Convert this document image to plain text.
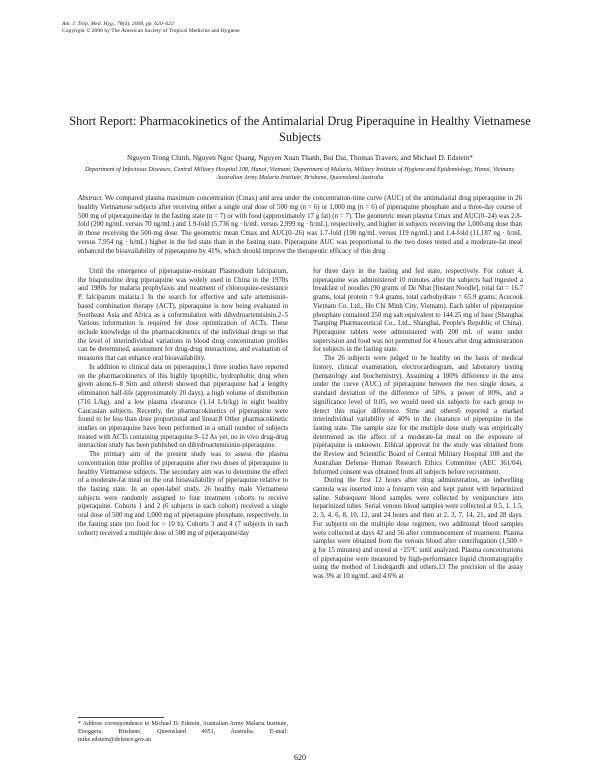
Am. J. Trop. Med. Hyg., 78(4), 2008, pp. 620–623
Copyright © 2008 by The American Society of Tropical Medicine and Hygiene
Short Report: Pharmacokinetics of the Antimalarial Drug Piperaquine in Healthy Vietnamese Subjects
Nguyen Trong Chinh, Nguyen Ngoc Quang, Nguyen Xuan Thanh, Bui Dai, Thomas Travers, and Michael D. Edstein*
Department of Infectious Diseases, Central Military Hospital 108, Hanoi, Vietnam; Department of Malaria, Military Institute of Hygiene and Epidemiology, Hanoi, Vietnam; Australian Army Malaria Institute, Brisbane, Queensland Australia
Abstract. We compared plasma maximum concentration (Cmax) and area under the concentration-time curve (AUC) of the antimalarial drug piperaquine in 26 healthy Vietnamese subjects after receiving either a single oral dose of 500 mg (n = 6) or 1,000 mg (n = 6) of piperaquine phosphate and a three-day course of 500 mg of piperaquine/day in the fasting state (n = 7) or with food (approximately 17 g fat) (n = 7). The geometric mean plasma Cmax and AUC(0–24) was 2.8-fold (200 ng/mL versus 70 ng/mL) and 1.9-fold (5,736 ng · h/mL versus 2,999 ng · h/mL), respectively, and higher in subjects receiving the 1,000-mg dose than in those receiving the 500-mg dose. The geometric mean Cmax and AUC(0–26) was 1.7-fold (198 ng/mL versus 119 ng/mL) and 1.4-fold (11,187 ng · h/mL versus 7,954 ng · h/mL) higher in the fed state than in the fasting state. Piperaquine AUC was proportional to the two doses tested and a moderate-fat meal enhanced the bioavailability of piperaquine by 41%, which should improve the therapeutic efficacy of this drug.

Until the emergence of piperaquine-resistant Plasmodium falciparum, the bisquinoline drug piperaquine was widely used in China in the 1970s and 1980s for malaria prophylaxis and treatment of chloroquine-resistance P. falciparum malaria.1 In the search for effective and safe artemisinin-based combination therapy (ACT), piperaquine is now being evaluated in Southeast Asia and Africa as a coformulation with dihydroartemisinin.2–5 Various information is required for dose optimization of ACTs. These include knowledge of the pharmacokinetics of the individual drugs so that the level of interindividual variations in blood drug concentration profiles can be determined, assessment for drug-drug interactions, and evaluation of measures that can enhance oral bioavailability.

In addition to clinical data on piperaquine,1 three studies have reported on the pharmacokinetics of this highly lipophilic, hydrophobic drug when given alone.6–8 Sim and others6 showed that piperaquine had a lengthy elimination half-life (approximately 20 days), a high volume of distribution (716 L/kg), and a low plasma clearance (1.14 L/h/kg) in eight healthy Caucasian subjects. Recently, the pharmacokinetics of piperaquine were found to be less than dose proportional and linear.8 Other pharmacokinetic studies on piperaquine have been performed in a small number of subjects treated with ACTs containing piperaquine.9–12 As yet, no in vivo drug-drug interaction study has been published on dihydroartemisinin-piperaquine.

The primary aim of the present study was to assess the plasma concentration time profiles of piperaquine after two doses of piperaquine in healthy Vietnamese subjects. The secondary aim was to determine the effect of a moderate-fat meal on the oral bioavailability of piperaquine relative to the fasting state. In an open-label study, 26 healthy male Vietnamese subjects were randomly assigned to four treatment cohorts to receive piperaquine. Cohorts 1 and 2 (6 subjects in each cohort) received a single oral dose of 500 mg and 1,000 mg of piperaquine phosphate, respectively, in the fasting state (no food for > 10 h). Cohorts 3 and 4 (7 subjects in each cohort) received a multiple dose of 500 mg of piperaquine/day

for three days in the fasting and fed state, respectively. For cohort 4, piperaquine was administered 10 minutes after the subjects had ingested a breakfast of noodles (90 grams of De Nhat [Instant Noodle], total fat = 16.7 grams, total protein = 9.4 grams, total carbohydrate = 65.9 grams; Acecook Vietnam Co. Ltd., Ho Chi Minh City, Vietnam). Each tablet of piperaquine phosphate contained 250 mg salt equivalent to 144.25 mg of base (Shanghai Tianping Pharmaceutical Co., Ltd., Shanghai, People's Republic of China). Piperaquine tablets were administered with 200 mL of water under supervision and food was not permitted for 4 hours after drug administration for subjects in the fasting state.

The 26 subjects were judged to be healthy on the basis of medical history, clinical examination, electrocardiogram, and laboratory testing (hematology and biochemistry). Assuming a 100% difference in the area under the curve (AUC) of piperaquine between the two single doses, a standard deviation of the difference of 50%, a power of 80%, and a significance level of 0.05, we would need six subjects for each group to detect this major difference. Sims and others6 reported a marked interindividual variability of 40% in the clearance of piperquine in the fasting state. The sample size for the multiple dose study was empirically determined as the affect of a moderate-fat meal on the exposure of piperaquine is unknown. Ethical approval for the study was obtained from the Review and Scientific Board of Central Military Hospital 108 and the Australian Defense Human Research Ethics Committee (AEC 361/04). Informed consent was obtained from all subjects before recruitment.

During the first 12 hours after drug administration, an indwelling cannula was inserted into a forearm vein and kept patent with heparinized saline. Subsequent blood samples were collected by venipuncture into heparinized tubes. Serial venous blood samples were collected at 0.5, 1, 1.5, 2, 3, 4, 6, 8, 10, 12, and 24 hours and then at 2, 3, 7, 14, 21, and 28 days. For subjects on the multiple dose regimen, two additional blood samples were collected at days 42 and 56 after commencement of treatment. Plasma samples were obtained from the venous blood after centrifugation (1,500 × g for 15 minutes) and stored at −25°C until analyzed. Plasma concentrations of piperaquine were measured by high-performance liquid chromatography using the method of Lindegardh and others.13 The precision of the assay was 3% at 10 ng/mL and 4.6% at

* Address correspondence to Michael D. Edstein, Australian Army Malaria Institute, Enoggera, Brisbane, Queensland 4051, Australia. E-mail: mike.edstein@defence.gov.au
620
